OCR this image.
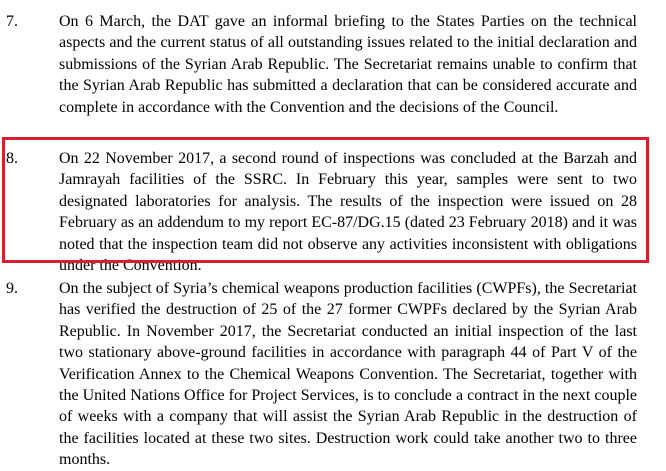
7.	On 6 March, the DAT gave an informal briefing to the States Parties on the technical aspects and the current status of all outstanding issues related to the initial declaration and submissions of the Syrian Arab Republic. The Secretariat remains unable to confirm that the Syrian Arab Republic has submitted a declaration that can be considered accurate and complete in accordance with the Convention and the decisions of the Council.
8.	On 22 November 2017, a second round of inspections was concluded at the Barzah and Jamrayah facilities of the SSRC. In February this year, samples were sent to two designated laboratories for analysis. The results of the inspection were issued on 28 February as an addendum to my report EC-87/DG.15 (dated 23 February 2018) and it was noted that the inspection team did not observe any activities inconsistent with obligations under the Convention.
9.	On the subject of Syria’s chemical weapons production facilities (CWPFs), the Secretariat has verified the destruction of 25 of the 27 former CWPFs declared by the Syrian Arab Republic. In November 2017, the Secretariat conducted an initial inspection of the last two stationary above-ground facilities in accordance with paragraph 44 of Part V of the Verification Annex to the Chemical Weapons Convention. The Secretariat, together with the United Nations Office for Project Services, is to conclude a contract in the next couple of weeks with a company that will assist the Syrian Arab Republic in the destruction of the facilities located at these two sites. Destruction work could take another two to three months.
